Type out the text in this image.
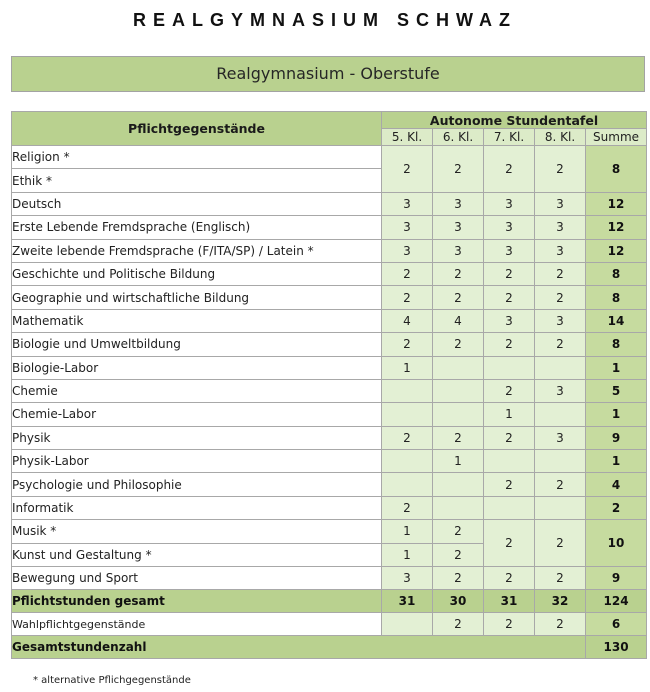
REALGYMNASIUM SCHWAZ
Realgymnasium - Oberstufe
Pflichtgegenstände	Autonome Stundentafel				
	5. Kl.	6. Kl.	7. Kl.	8. Kl.	Summe
Religion *	2	2	2	2	8
Ethik *					
Deutsch	3	3	3	3	12
Erste Lebende Fremdsprache (Englisch)	3	3	3	3	12
Zweite lebende Fremdsprache (F/ITA/SP) / Latein *	3	3	3	3	12
Geschichte und Politische Bildung	2	2	2	2	8
Geographie und wirtschaftliche Bildung	2	2	2	2	8
Mathematik	4	4	3	3	14
Biologie und Umweltbildung	2	2	2	2	8
Biologie-Labor	1				1
Chemie			2	3	5
Chemie-Labor			1		1
Physik	2	2	2	3	9
Physik-Labor		1			1
Psychologie und Philosophie			2	2	4
Informatik	2				2
Musik *	1	2	2	2	10
Kunst und Gestaltung *	1	2			
Bewegung und Sport	3	2	2	2	9
Pflichtstunden gesamt	31	30	31	32	124
Wahlpflichtgegenstände		2	2	2	6
Gesamtstundenzahl					130
* alternative Pflichgegenstände
